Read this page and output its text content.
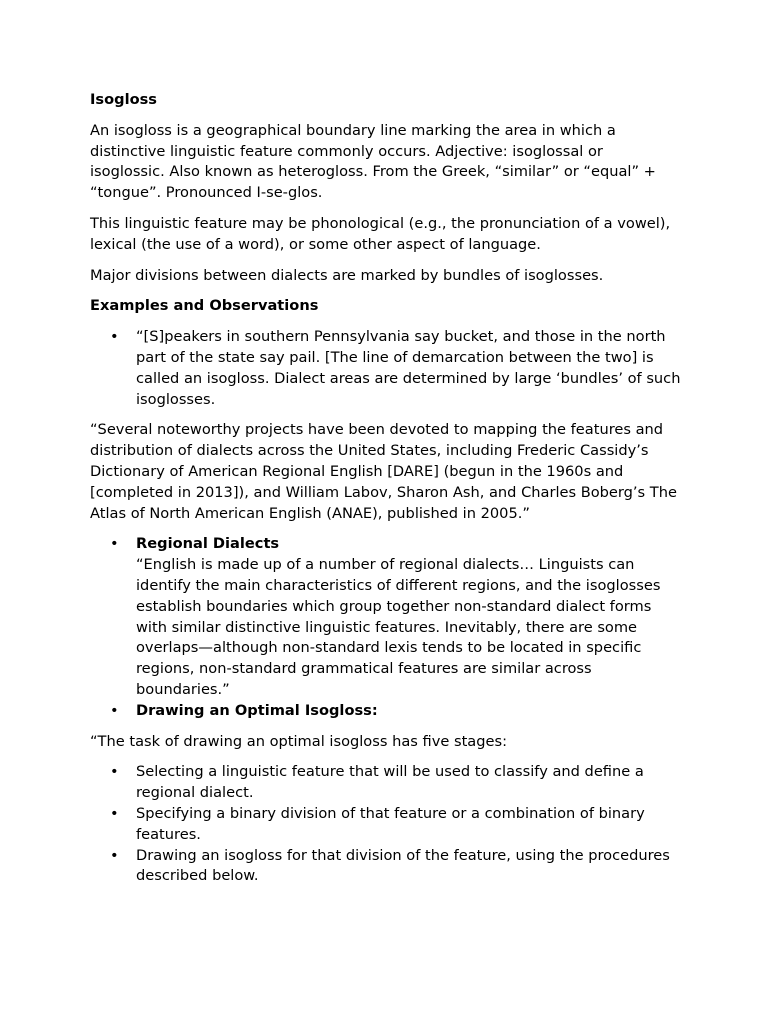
Isogloss

An isogloss is a geographical boundary line marking the area in which a distinctive linguistic feature commonly occurs. Adjective: isoglossal or isoglossic. Also known as heterogloss. From the Greek, “similar” or “equal” + “tongue”. Pronounced I-se-glos.

This linguistic feature may be phonological (e.g., the pronunciation of a vowel), lexical (the use of a word), or some other aspect of language.

Major divisions between dialects are marked by bundles of isoglosses.

Examples and Observations

• “[S]peakers in southern Pennsylvania say bucket, and those in the north part of the state say pail. [The line of demarcation between the two] is called an isogloss. Dialect areas are determined by large ‘bundles’ of such isoglosses.

“Several noteworthy projects have been devoted to mapping the features and distribution of dialects across the United States, including Frederic Cassidy’s Dictionary of American Regional English [DARE] (begun in the 1960s and [completed in 2013]), and William Labov, Sharon Ash, and Charles Boberg’s The Atlas of North American English (ANAE), published in 2005.”

• Regional Dialects
“English is made up of a number of regional dialects… Linguists can identify the main characteristics of different regions, and the isoglosses establish boundaries which group together non-standard dialect forms with similar distinctive linguistic features. Inevitably, there are some overlaps—although non-standard lexis tends to be located in specific regions, non-standard grammatical features are similar across boundaries.”
• Drawing an Optimal Isogloss:

“The task of drawing an optimal isogloss has five stages:

• Selecting a linguistic feature that will be used to classify and define a regional dialect.
• Specifying a binary division of that feature or a combination of binary features.
• Drawing an isogloss for that division of the feature, using the procedures described below.
